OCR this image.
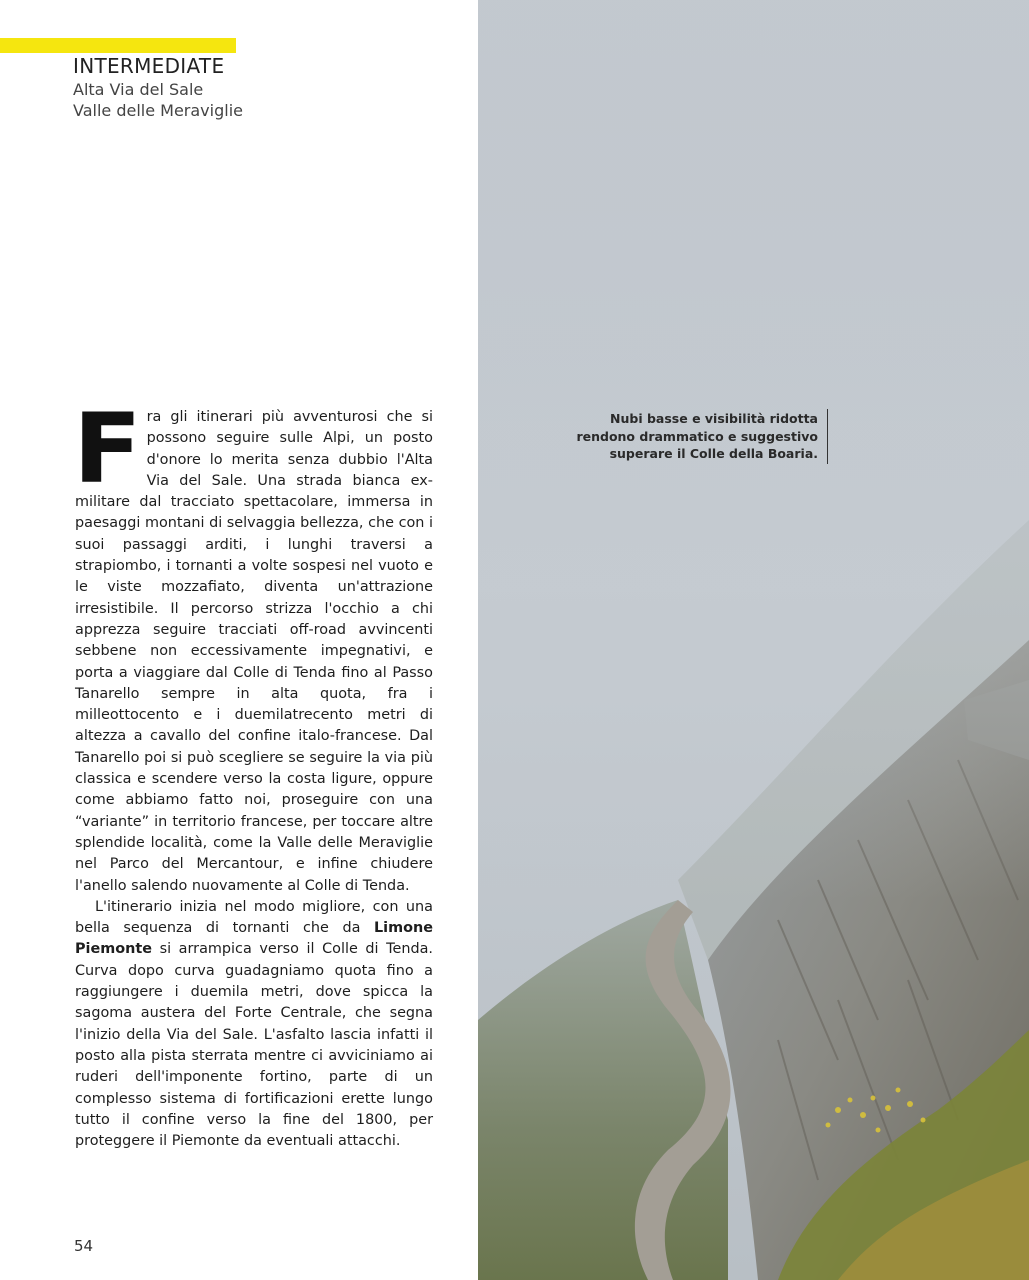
INTERMEDIATE
Alta Via del Sale
Valle delle Meraviglie

Fra gli itinerari più avventurosi che si possono seguire sulle Alpi, un posto d'onore lo merita senza dubbio l'Alta Via del Sale. Una strada bianca ex-militare dal tracciato spettacolare, immersa in paesaggi montani di selvaggia bellezza, che con i suoi passaggi arditi, i lunghi traversi a strapiombo, i tornanti a volte sospesi nel vuoto e le viste mozzafiato, diventa un'attrazione irresistibile. Il percorso strizza l'occhio a chi apprezza seguire tracciati off-road avvincenti sebbene non eccessivamente impegnativi, e porta a viaggiare dal Colle di Tenda fino al Passo Tanarello sempre in alta quota, fra i milleottocento e i duemilatrecento metri di altezza a cavallo del confine italo-francese. Dal Tanarello poi si può scegliere se seguire la via più classica e scendere verso la costa ligure, oppure come abbiamo fatto noi, proseguire con una “variante” in territorio francese, per toccare altre splendide località, come la Valle delle Meraviglie nel Parco del Mercantour, e infine chiudere l'anello salendo nuovamente al Colle di Tenda.

L'itinerario inizia nel modo migliore, con una bella sequenza di tornanti che da Limone Piemonte si arrampica verso il Colle di Tenda. Curva dopo curva guadagniamo quota fino a raggiungere i duemila metri, dove spicca la sagoma austera del Forte Centrale, che segna l'inizio della Via del Sale. L'asfalto lascia infatti il posto alla pista sterrata mentre ci avviciniamo ai ruderi dell'imponente fortino, parte di un complesso sistema di fortificazioni erette lungo tutto il confine verso la fine del 1800, per proteggere il Piemonte da eventuali attacchi.

54
Nubi basse e visibilità ridotta
rendono drammatico e suggestivo
superare il Colle della Boaria.
